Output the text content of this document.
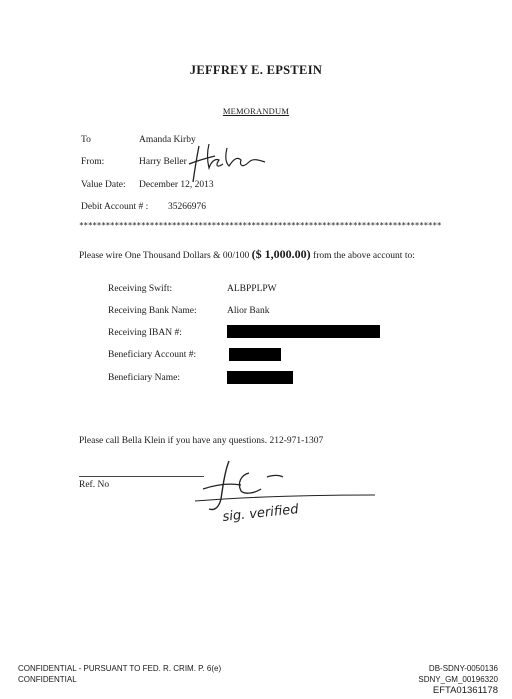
JEFFREY E. EPSTEIN
MEMORANDUM
To	Amanda Kirby
From:	Harry Beller
Value Date: December 12, 2013
Debit Account # : 35266976
**********************************************************************************
Please wire One Thousand Dollars & 00/100 ($ 1,000.00) from the above account to:
Receiving Swift:	ALBPPLPW
Receiving Bank Name:	Alior Bank
Receiving IBAN #:
Beneficiary Account #:
Beneficiary Name:
Please call Bella Klein if you have any questions. 212-971-1307
Ref. No
sig. verified
CONFIDENTIAL - PURSUANT TO FED. R. CRIM. P. 6(e)
CONFIDENTIAL
DB-SDNY-0050136
SDNY_GM_00196320
EFTA01361178
